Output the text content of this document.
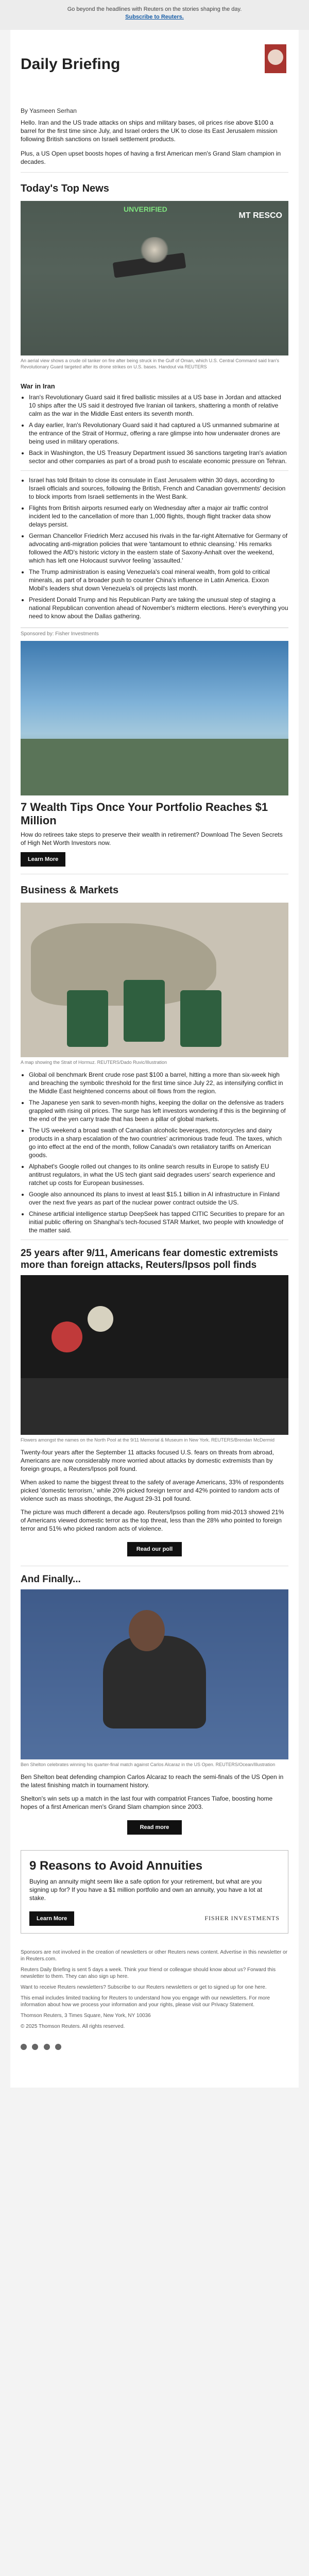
Go beyond the headlines with Reuters on the stories shaping the day.
Subscribe to Reuters.
Daily Briefing
By Yasmeen Serhan

Hello. Iran and the US trade attacks on ships and military bases, oil prices rise above $100 a barrel for the first time since July, and Israel orders the UK to close its East Jerusalem mission following British sanctions on Israeli settlement products.

Plus, a US Open upset boosts hopes of having a first American men's Grand Slam champion in decades.

Today's Top News
UNVERIFIED
MT RESCO
An aerial view shows a crude oil tanker on fire after being struck in the Gulf of Oman, which U.S. Central Command said Iran's Revolutionary Guard targeted after its drone strikes on U.S. bases. Handout via REUTERS
War in Iran
• Iran's Revolutionary Guard said it fired ballistic missiles at a US base in Jordan and attacked 10 ships after the US said it destroyed five Iranian oil tankers, shattering a month of relative calm as the war in the Middle East enters its seventh month.
• A day earlier, Iran's Revolutionary Guard said it had captured a US unmanned submarine at the entrance of the Strait of Hormuz, offering a rare glimpse into how underwater drones are being used in military operations.
• Back in Washington, the US Treasury Department issued 36 sanctions targeting Iran's aviation sector and other companies as part of a broad push to escalate economic pressure on Tehran.
• Israel has told Britain to close its consulate in East Jerusalem within 30 days, according to Israeli officials and sources, following the British, French and Canadian governments' decision to block imports from Israeli settlements in the West Bank.
• Flights from British airports resumed early on Wednesday after a major air traffic control incident led to the cancellation of more than 1,000 flights, though flight tracker data show delays persist.
• German Chancellor Friedrich Merz accused his rivals in the far-right Alternative for Germany of advocating anti-migration policies that were 'tantamount to ethnic cleansing.' His remarks followed the AfD's historic victory in the eastern state of Saxony-Anhalt over the weekend, which has left one Holocaust survivor feeling 'assaulted.'
• The Trump administration is easing Venezuela's coal mineral wealth, from gold to critical minerals, as part of a broader push to counter China's influence in Latin America. Exxon Mobil's leaders shut down Venezuela's oil projects last month.
• President Donald Trump and his Republican Party are taking the unusual step of staging a national Republican convention ahead of November's midterm elections. Here's everything you need to know about the Dallas gathering.
Sponsored by: Fisher Investments
7 Wealth Tips Once Your Portfolio Reaches $1 Million
How do retirees take steps to preserve their wealth in retirement? Download The Seven Secrets of High Net Worth Investors now.
Learn More
Business & Markets
A map showing the Strait of Hormuz. REUTERS/Dado Ruvic/Illustration
• Global oil benchmark Brent crude rose past $100 a barrel, hitting a more than six-week high and breaching the symbolic threshold for the first time since July 22, as intensifying conflict in the Middle East heightened concerns about oil flows from the region.
• The Japanese yen sank to seven-month highs, keeping the dollar on the defensive as traders grappled with rising oil prices. The surge has left investors wondering if this is the beginning of the end of the yen carry trade that has been a pillar of global markets.
• The US weekend a broad swath of Canadian alcoholic beverages, motorcycles and dairy products in a sharp escalation of the two countries' acrimonious trade feud. The taxes, which go into effect at the end of the month, follow Canada's own retaliatory tariffs on American goods.
• Alphabet's Google rolled out changes to its online search results in Europe to satisfy EU antitrust regulators, in what the US tech giant said degrades users' search experience and ratchet up costs for European businesses.
• Google also announced its plans to invest at least $15.1 billion in AI infrastructure in Finland over the next five years as part of the nuclear power contract outside the US.
• Chinese artificial intelligence startup DeepSeek has tapped CITIC Securities to prepare for an initial public offering on Shanghai's tech-focused STAR Market, two people with knowledge of the matter said.
25 years after 9/11, Americans fear domestic extremists more than foreign attacks, Reuters/Ipsos poll finds
Flowers amongst the names on the North Pool at the 9/11 Memorial & Museum in New York. REUTERS/Brendan McDermid

Twenty-four years after the September 11 attacks focused U.S. fears on threats from abroad, Americans are now considerably more worried about attacks by domestic extremists than by foreign groups, a Reuters/Ipsos poll found.

When asked to name the biggest threat to the safety of average Americans, 33% of respondents picked 'domestic terrorism,' while 20% picked foreign terror and 42% pointed to random acts of violence such as mass shootings, the August 29-31 poll found.

The picture was much different a decade ago. Reuters/Ipsos polling from mid-2013 showed 21% of Americans viewed domestic terror as the top threat, less than the 28% who pointed to foreign terror and 51% who picked random acts of violence.

Read our poll
And Finally...
Ben Shelton celebrates winning his quarter-final match against Carlos Alcaraz in the US Open. REUTERS/Ocean/Illustration

Ben Shelton beat defending champion Carlos Alcaraz to reach the semi-finals of the US Open in the latest finishing match in tournament history.

Shelton's win sets up a match in the last four with compatriot Frances Tiafoe, boosting home hopes of a first American men's Grand Slam champion since 2003.

Read more
9 Reasons to Avoid Annuities
Buying an annuity might seem like a safe option for your retirement, but what are you signing up for? If you have a $1 million portfolio and own an annuity, you have a lot at stake.
Learn More	FISHER INVESTMENTS

Sponsors are not involved in the creation of newsletters or other Reuters news content. Advertise in this newsletter or in Reuters.com.

Reuters Daily Briefing is sent 5 days a week. Think your friend or colleague should know about us? Forward this newsletter to them. They can also sign up here.

Want to receive Reuters newsletters? Subscribe to our Reuters newsletters or get to signed up for one here.

This email includes limited tracking for Reuters to understand how you engage with our newsletters. For more information about how we process your information and your rights, please visit our Privacy Statement.

Thomson Reuters, 3 Times Square, New York, NY 10036

© 2025 Thomson Reuters. All rights reserved.
